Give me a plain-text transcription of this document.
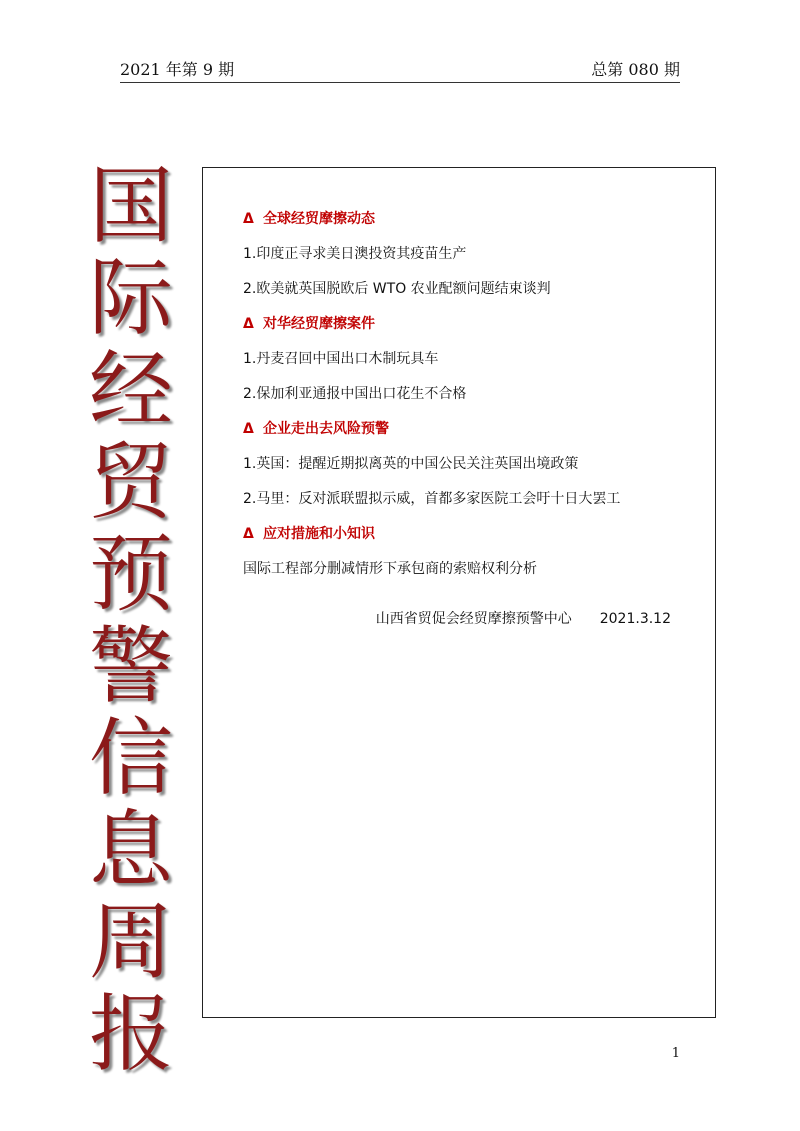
2021 年第 9 期	总第 080 期
国
际
经
贸
预
警
信
息
周
报
Δ 全球经贸摩擦动态
1.印度正寻求美日澳投资其疫苗生产
2.欧美就英国脱欧后 WTO 农业配额问题结束谈判
Δ 对华经贸摩擦案件
1.丹麦召回中国出口木制玩具车
2.保加利亚通报中国出口花生不合格
Δ 企业走出去风险预警
1.英国：提醒近期拟离英的中国公民关注英国出境政策
2.马里：反对派联盟拟示威，首都多家医院工会吁十日大罢工
Δ 应对措施和小知识
国际工程部分删减情形下承包商的索赔权利分析
山西省贸促会经贸摩擦预警中心 2021.3.12
1
